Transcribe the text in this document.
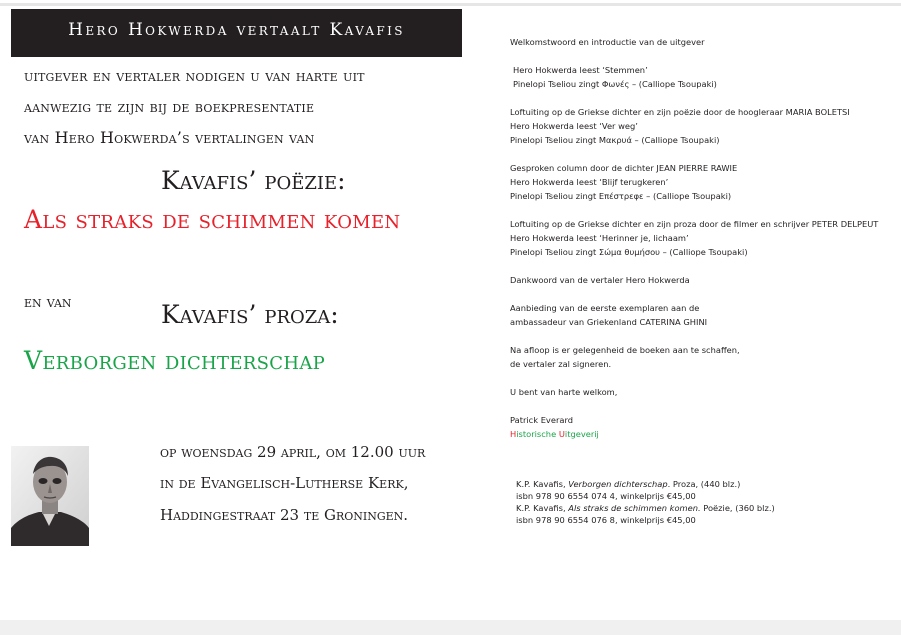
Hero Hokwerda vertaalt Kavafis
uitgever en vertaler nodigen u van harte uit
aanwezig te zijn bij de boekpresentatie
van Hero Hokwerda’s vertalingen van
Kavafis’ poëzie:
Als straks de schimmen komen
en van	Kavafis’ proza:
Verborgen dichterschap
op woensdag 29 april, om 12.00 uur
in de Evangelisch-Lutherse Kerk,
Haddingestraat 23 te Groningen.
Welkomstwoord en introductie van de uitgever
Hero Hokwerda leest ‘Stemmen’
Pinelopi Tseliou zingt Φωνές – (Calliope Tsoupaki)
Loftuiting op de Griekse dichter en zijn poëzie door de hoogleraar MARIA BOLETSI
Hero Hokwerda leest ‘Ver weg’
Pinelopi Tseliou zingt Μακρυά – (Calliope Tsoupaki)
Gesproken column door de dichter JEAN PIERRE RAWIE
Hero Hokwerda leest ‘Blijf terugkeren’
Pinelopi Tseliou zingt Επέστρεφε – (Calliope Tsoupaki)
Loftuiting op de Griekse dichter en zijn proza door de filmer en schrijver PETER DELPEUT
Hero Hokwerda leest ‘Herinner je, lichaam’
Pinelopi Tseliou zingt Σώμα θυμήσου – (Calliope Tsoupaki)
Dankwoord van de vertaler Hero Hokwerda
Aanbieding van de eerste exemplaren aan de
ambassadeur van Griekenland CATERINA GHINI
Na afloop is er gelegenheid de boeken aan te schaffen,
de vertaler zal signeren.
U bent van harte welkom,
Patrick Everard
Historische Uitgeverij
K.P. Kavafis, Verborgen dichterschap. Proza, (440 blz.)
isbn 978 90 6554 074 4, winkelprijs €45,00
K.P. Kavafis, Als straks de schimmen komen. Poëzie, (360 blz.)
isbn 978 90 6554 076 8, winkelprijs €45,00
